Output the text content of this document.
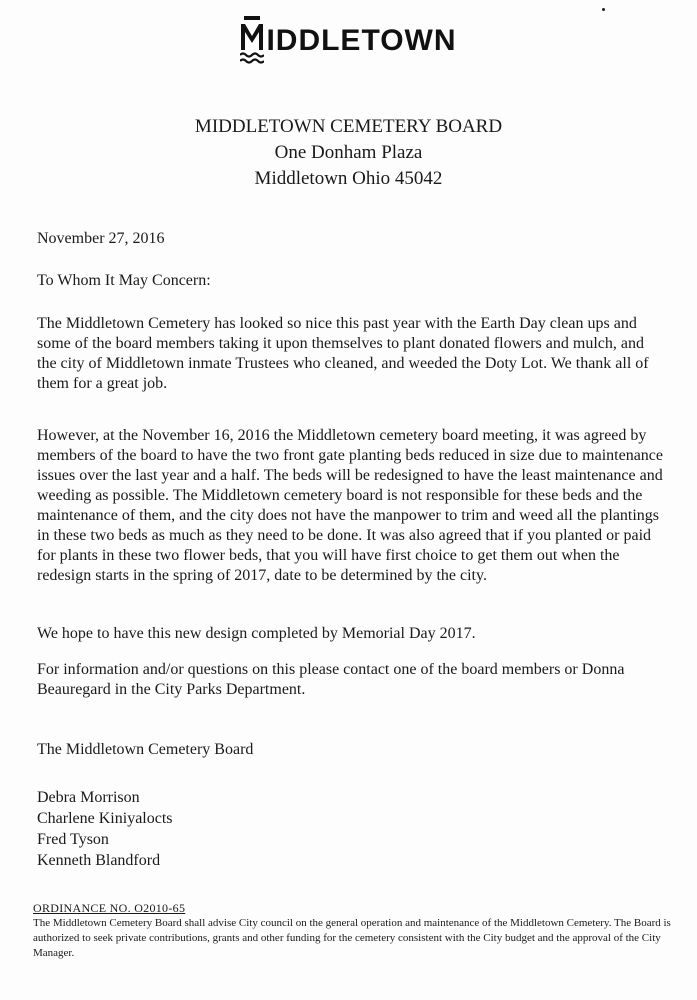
IDDLETOWN
MIDDLETOWN CEMETERY BOARD
One Donham Plaza
Middletown Ohio 45042
November 27, 2016
To Whom It May Concern:
The Middletown Cemetery has looked so nice this past year with the Earth Day clean ups and some of the board members taking it upon themselves to plant donated flowers and mulch, and the city of Middletown inmate Trustees who cleaned, and weeded the Doty Lot. We thank all of them for a great job.
However, at the November 16, 2016 the Middletown cemetery board meeting, it was agreed by members of the board to have the two front gate planting beds reduced in size due to maintenance issues over the last year and a half. The beds will be redesigned to have the least maintenance and weeding as possible. The Middletown cemetery board is not responsible for these beds and the maintenance of them, and the city does not have the manpower to trim and weed all the plantings in these two beds as much as they need to be done. It was also agreed that if you planted or paid for plants in these two flower beds, that you will have first choice to get them out when the redesign starts in the spring of 2017, date to be determined by the city.
We hope to have this new design completed by Memorial Day 2017.
For information and/or questions on this please contact one of the board members or Donna Beauregard in the City Parks Department.
The Middletown Cemetery Board
Debra Morrison
Charlene Kiniyalocts
Fred Tyson
Kenneth Blandford
ORDINANCE NO. O2010-65
The Middletown Cemetery Board shall advise City council on the general operation and maintenance of the Middletown Cemetery. The Board is authorized to seek private contributions, grants and other funding for the cemetery consistent with the City budget and the approval of the City Manager.
